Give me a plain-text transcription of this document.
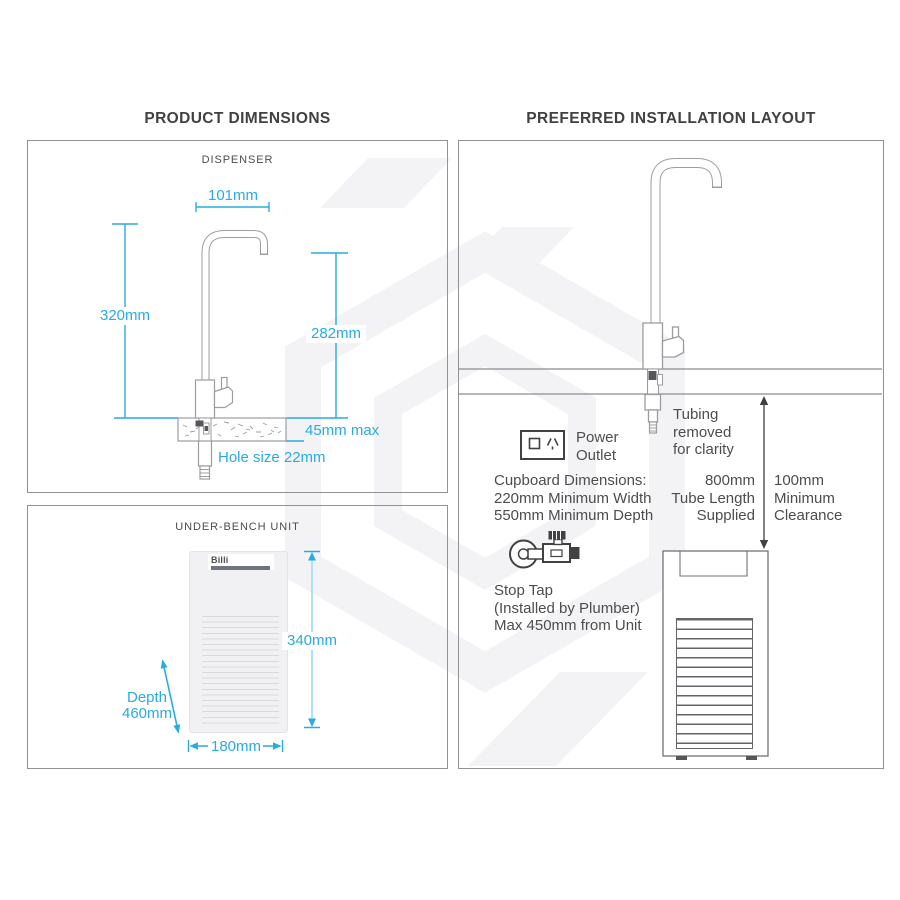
PRODUCT DIMENSIONS	PREFERRED INSTALLATION LAYOUT
DISPENSER
101mm
320mm
282mm
45mm max
Hole size 22mm
Billi
UNDER-BENCH UNIT
340mm
Depth
460mm
180mm
Tubing
removed
for clarity
Power
Outlet
Cupboard Dimensions:
220mm Minimum Width
550mm Minimum Depth
800mm
Tube Length
Supplied
100mm
Minimum
Clearance
Stop Tap
(Installed by Plumber)
Max 450mm from Unit
